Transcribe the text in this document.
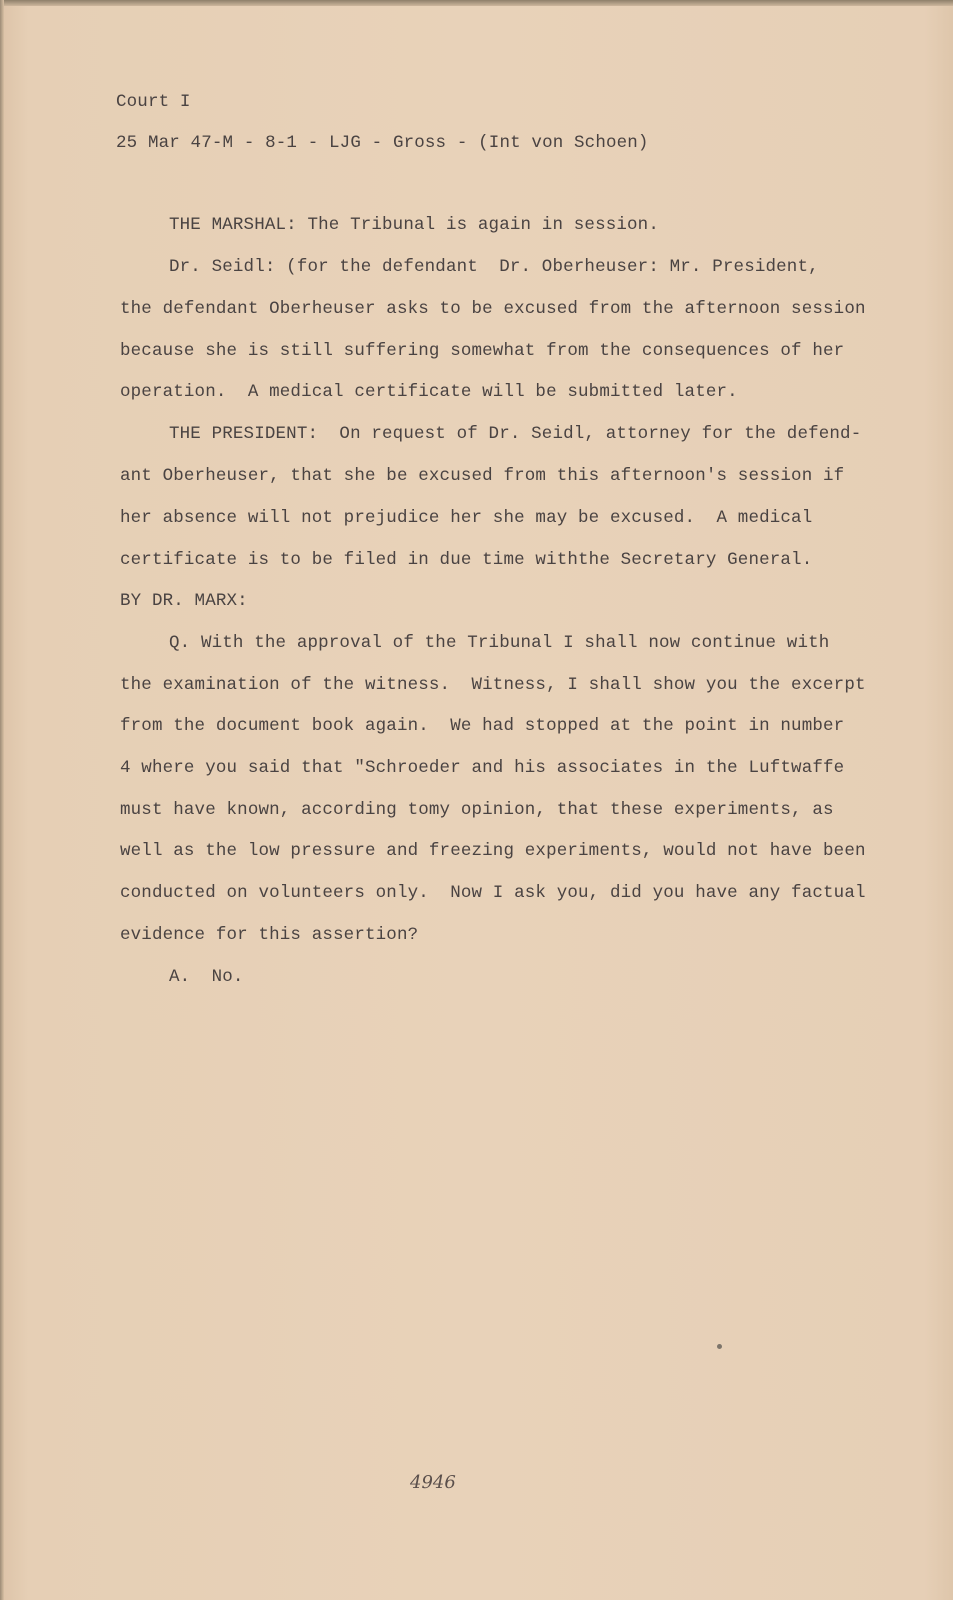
Court I
25 Mar 47-M - 8-1 - LJG - Gross - (Int von Schoen)
THE MARSHAL: The Tribunal is again in session.
Dr. Seidl: (for the defendant  Dr. Oberheuser: Mr. President,
the defendant Oberheuser asks to be excused from the afternoon session
because she is still suffering somewhat from the consequences of her
operation.  A medical certificate will be submitted later.
THE PRESIDENT:  On request of Dr. Seidl, attorney for the defend-
ant Oberheuser, that she be excused from this afternoon's session if
her absence will not prejudice her she may be excused.  A medical
certificate is to be filed in due time withthe Secretary General.
BY DR. MARX:
Q. With the approval of the Tribunal I shall now continue with
the examination of the witness.  Witness, I shall show you the excerpt
from the document book again.  We had stopped at the point in number
4 where you said that "Schroeder and his associates in the Luftwaffe
must have known, according tomy opinion, that these experiments, as
well as the low pressure and freezing experiments, would not have been
conducted on volunteers only.  Now I ask you, did you have any factual
evidence for this assertion?
A.  No.
4946
